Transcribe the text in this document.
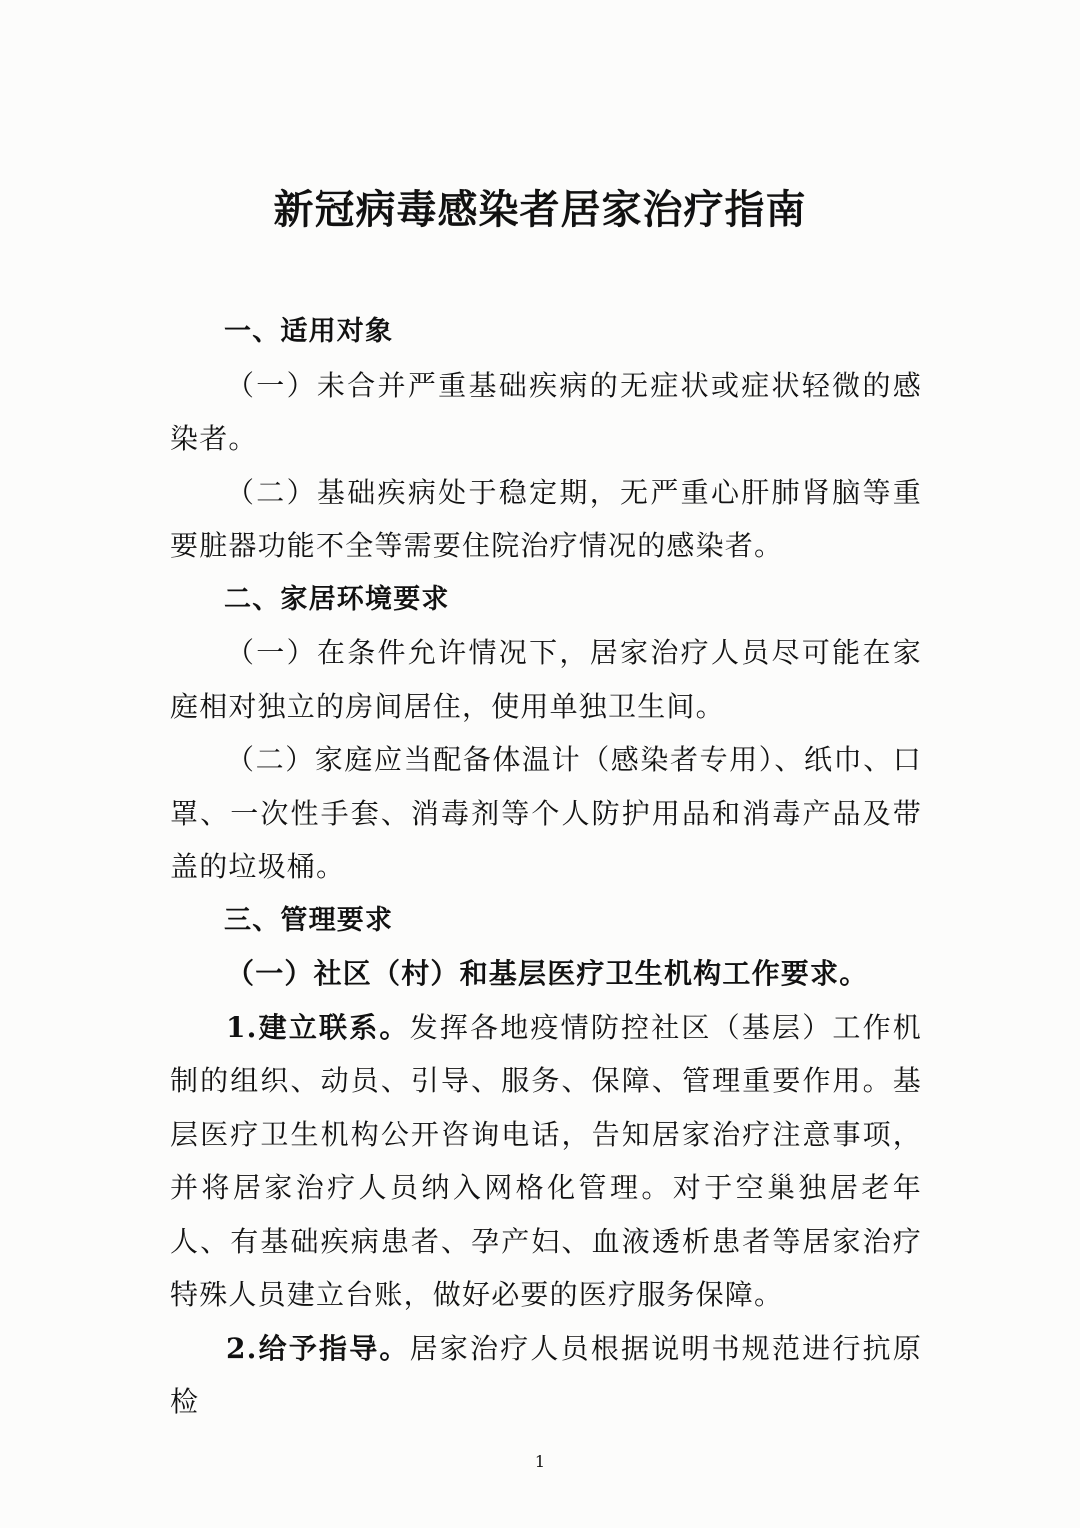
新冠病毒感染者居家治疗指南

一、适用对象

（一）未合并严重基础疾病的无症状或症状轻微的感染者。

（二）基础疾病处于稳定期，无严重心肝肺肾脑等重要脏器功能不全等需要住院治疗情况的感染者。

二、家居环境要求

（一）在条件允许情况下，居家治疗人员尽可能在家庭相对独立的房间居住，使用单独卫生间。

（二）家庭应当配备体温计（感染者专用）、纸巾、口罩、一次性手套、消毒剂等个人防护用品和消毒产品及带盖的垃圾桶。

三、管理要求

（一）社区（村）和基层医疗卫生机构工作要求。

1.建立联系。发挥各地疫情防控社区（基层）工作机制的组织、动员、引导、服务、保障、管理重要作用。基层医疗卫生机构公开咨询电话，告知居家治疗注意事项，并将居家治疗人员纳入网格化管理。对于空巢独居老年人、有基础疾病患者、孕产妇、血液透析患者等居家治疗特殊人员建立台账，做好必要的医疗服务保障。

2.给予指导。居家治疗人员根据说明书规范进行抗原检

1
